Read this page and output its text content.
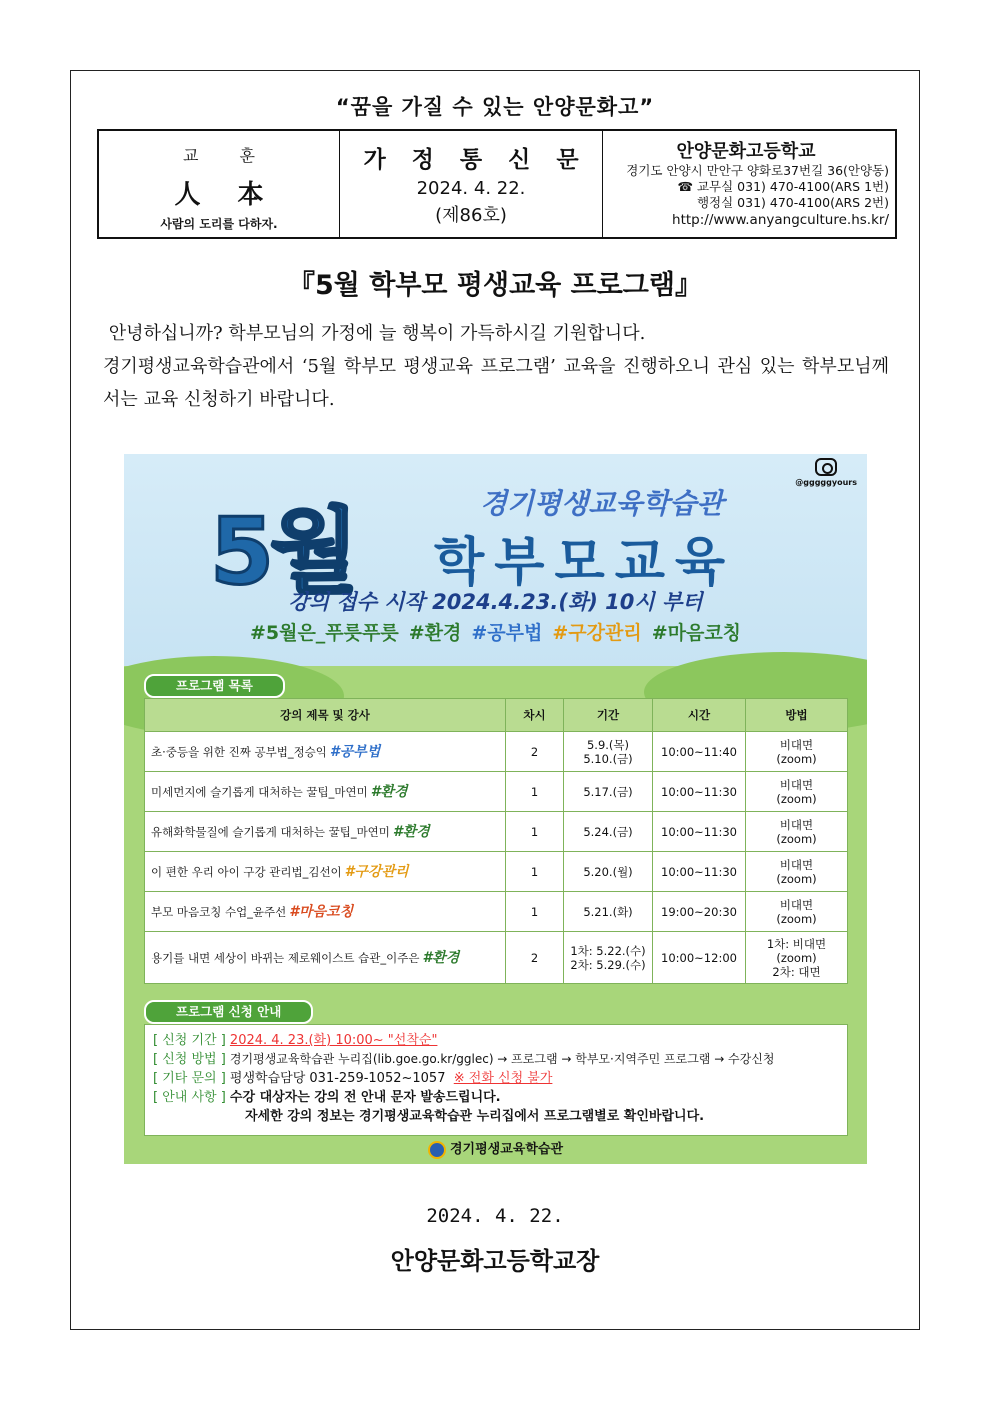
“꿈을 가질 수 있는 안양문화고”
교 훈
人 本
사람의 도리를 다하자.
가 정 통 신 문
2024. 4. 22.
(제86호)
안양문화고등학교
경기도 안양시 만안구 양화로37번길 36(안양동)
☎ 교무실 031) 470-4100(ARS 1번)
행정실 031) 470-4100(ARS 2번)
http://www.anyangculture.hs.kr/
『5월 학부모 평생교육 프로그램』

안녕하십니까? 학부모님의 가정에 늘 행복이 가득하시길 기원합니다.

경기평생교육학습관에서 ‘5월 학부모 평생교육 프로그램’ 교육을 진행하오니 관심 있는 학부모님께서는 교육 신청하기 바랍니다.

@gggggyours
5월	경기평생교육학습관
학부모교육
강의 접수 시작 2024.4.23.(화) 10시 부터
#5월은_푸릇푸릇 #환경 #공부법 #구강관리 #마음코칭
프로그램 목록
강의 제목 및 강사	차시	기간	시간	방법
초·중등을 위한 진짜 공부법_정승익 #공부법	2	5.9.(목)
5.10.(금)	10:00~11:40	비대면
(zoom)
미세먼지에 슬기롭게 대처하는 꿀팁_마연미 #환경	1	5.17.(금)	10:00~11:30	비대면
(zoom)
유해화학물질에 슬기롭게 대처하는 꿀팁_마연미 #환경	1	5.24.(금)	10:00~11:30	비대면
(zoom)
이 편한 우리 아이 구강 관리법_김선이 #구강관리	1	5.20.(월)	10:00~11:30	비대면
(zoom)
부모 마음코칭 수업_윤주선 #마음코칭	1	5.21.(화)	19:00~20:30	비대면
(zoom)
용기를 내면 세상이 바뀌는 제로웨이스트 습관_이주은 #환경	2	1차: 5.22.(수)
2차: 5.29.(수)	10:00~12:00	1차: 비대면
(zoom)
2차: 대면
프로그램 신청 안내
[ 신청 기간 ] 2024. 4. 23.(화) 10:00~ "선착순"
[ 신청 방법 ] 경기평생교육학습관 누리집(lib.goe.go.kr/gglec) → 프로그램 → 학부모·지역주민 프로그램 → 수강신청
[ 기타 문의 ] 평생학습담당 031-259-1052~1057 ※ 전화 신청 불가
[ 안내 사항 ] 수강 대상자는 강의 전 안내 문자 발송드립니다.
자세한 강의 정보는 경기평생교육학습관 누리집에서 프로그램별로 확인바랍니다.
경기평생교육학습관
2024. 4. 22.
안양문화고등학교장
